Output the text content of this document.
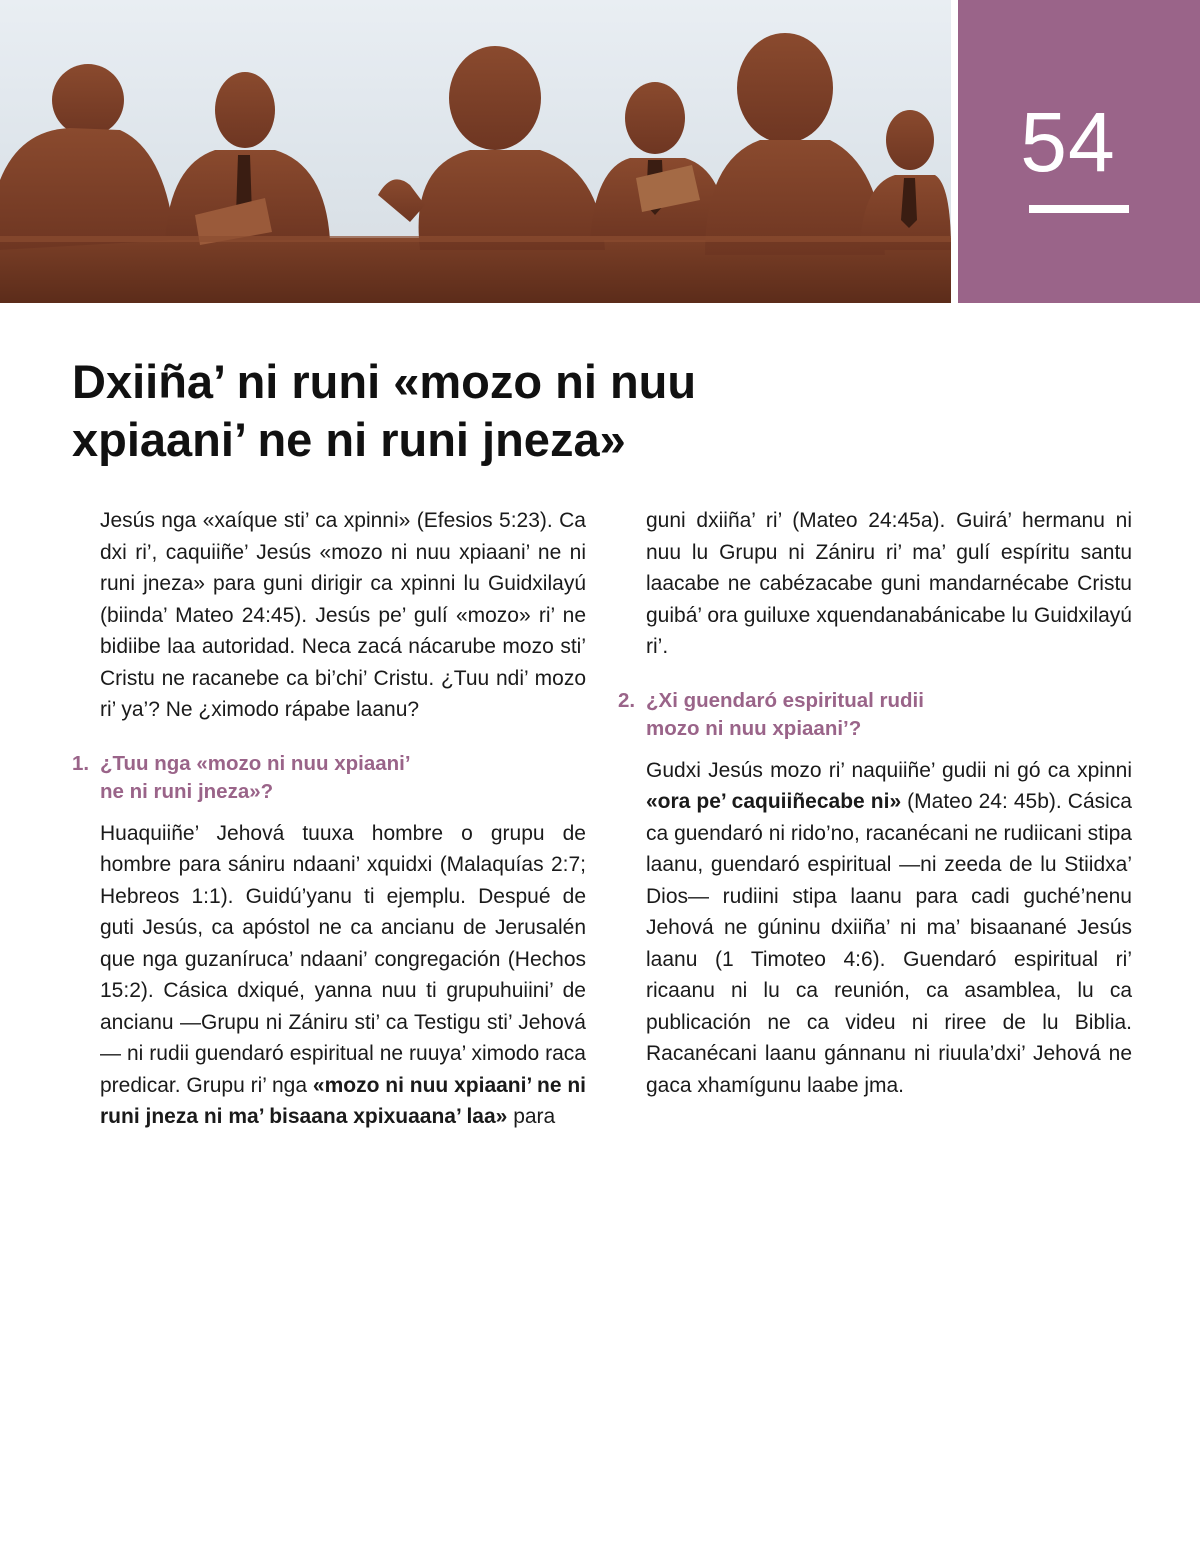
54
Dxiiña’ ni runi «mozo ni nuu
xpiaani’ ne ni runi jneza»

Jesús nga «xaíque sti’ ca xpinni» (Efesios 5:23). Ca dxi ri’, caquiiñe’ Jesús «mozo ni nuu xpiaani’ ne ni runi jneza» para guni dirigir ca xpinni lu Guidxilayú (biinda’ Mateo 24:45). Jesús pe’ gulí «mozo» ri’ ne bidiibe laa autoridad. Neca zacá nácarube mozo sti’ Cristu ne racanebe ca bi’chi’ Cristu. ¿Tuu ndi’ mozo ri’ ya’? Ne ¿ximodo rápabe laanu?

1. ¿Tuu nga «mozo ni nuu xpiaani’
ne ni runi jneza»?

Huaquiiñe’ Jehová tuuxa hombre o grupu de hombre para sániru ndaani’ xquidxi (Malaquías 2:7; Hebreos 1:1). Guidú’yanu ti ejemplu. Despué de guti Jesús, ca apóstol ne ca ancianu de Jerusalén que nga guzaníruca’ ndaani’ congregación (Hechos 15:2). Cásica dxiqué, yanna nuu ti grupuhuiini’ de ancianu —Grupu ni Zániru sti’ ca Testigu sti’ Jehová— ni rudii guendaró espiritual ne ruuya’ ximodo raca predicar. Grupu ri’ nga «mozo ni nuu xpiaani’ ne ni runi jneza ni ma’ bisaana xpixuaana’ laa» para

guni dxiiña’ ri’ (Mateo 24:45a). Guirá’ hermanu ni nuu lu Grupu ni Zániru ri’ ma’ gulí espíritu santu laacabe ne cabézacabe guni mandarnécabe Cristu guibá’ ora guiluxe xquendanabánicabe lu Guidxilayú ri’.

2. ¿Xi guendaró espiritual rudii
mozo ni nuu xpiaani’?

Gudxi Jesús mozo ri’ naquiiñe’ gudii ni gó ca xpinni «ora pe’ caquiiñecabe ni» (Mateo 24: 45b). Cásica ca guendaró ni rido’no, racanécani ne rudiicani stipa laanu, guendaró espiritual —ni zeeda de lu Stiidxa’ Dios— rudiini stipa laanu para cadi guché’nenu Jehová ne gúninu dxiiña’ ni ma’ bisaanané Jesús laanu (1 Timoteo 4:6). Guendaró espiritual ri’ ricaanu ni lu ca reunión, ca asamblea, lu ca publicación ne ca videu ni riree de lu Biblia. Racanécani laanu gánnanu ni riuula’dxi’ Jehová ne gaca xhamígunu laabe jma.
